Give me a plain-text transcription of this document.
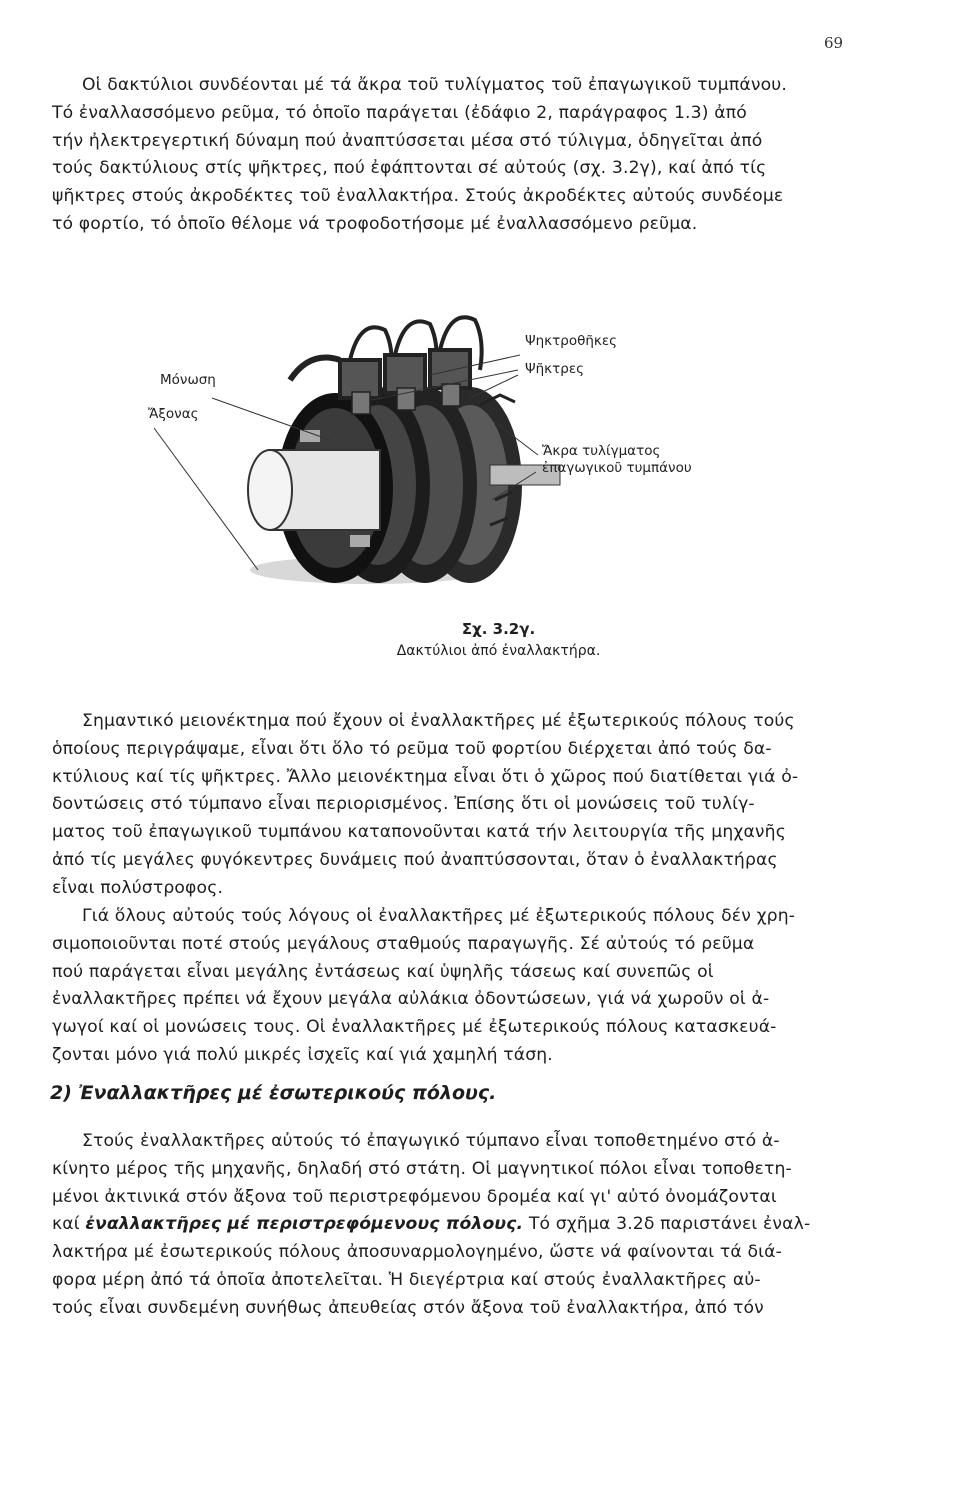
69
Οἱ δακτύλιοι συνδέονται μέ τά ἄκρα τοῦ τυλίγματος τοῦ ἐπαγωγικοῦ τυμπάνου.
Τό ἐναλλασσόμενο ρεῦμα, τό ὁποῖο παράγεται (ἐδάφιο 2, παράγραφος 1.3) ἀπό
τήν ἠλεκτρεγερτική δύναμη πού ἀναπτύσσεται μέσα στό τύλιγμα, ὁδηγεῖται ἀπό
τούς δακτύλιους στίς ψῆκτρες, πού ἐφάπτονται σέ αὐτούς (σχ. 3.2γ), καί ἀπό τίς
ψῆκτρες στούς ἀκροδέκτες τοῦ ἐναλλακτήρα. Στούς ἀκροδέκτες αὐτούς συνδέομε
τό φορτίο, τό ὁποῖο θέλομε νά τροφοδοτήσομε μέ ἐναλλασσόμενο ρεῦμα.
Μόνωση
Ἄξονας
Ψηκτροθῆκες
Ψῆκτρες
Ἄκρα τυλίγματος
ἐπαγωγικοῦ τυμπάνου
Σχ. 3.2γ.
Δακτύλιοι ἀπό ἐναλλακτήρα.
Σημαντικό μειονέκτημα πού ἔχουν οἱ ἐναλλακτῆρες μέ ἐξωτερικούς πόλους τούς
ὁποίους περιγράψαμε, εἶναι ὅτι ὅλο τό ρεῦμα τοῦ φορτίου διέρχεται ἀπό τούς δα-
κτύλιους καί τίς ψῆκτρες. Ἄλλο μειονέκτημα εἶναι ὅτι ὁ χῶρος πού διατίθεται γιά ὀ-
δοντώσεις στό τύμπανο εἶναι περιορισμένος. Ἐπίσης ὅτι οἱ μονώσεις τοῦ τυλίγ-
ματος τοῦ ἐπαγωγικοῦ τυμπάνου καταπονοῦνται κατά τήν λειτουργία τῆς μηχανῆς
ἀπό τίς μεγάλες φυγόκεντρες δυνάμεις πού ἀναπτύσσονται, ὅταν ὁ ἐναλλακτήρας
εἶναι πολύστροφος.
Γιά ὅλους αὐτούς τούς λόγους οἱ ἐναλλακτῆρες μέ ἐξωτερικούς πόλους δέν χρη-
σιμοποιοῦνται ποτέ στούς μεγάλους σταθμούς παραγωγῆς. Σέ αὐτούς τό ρεῦμα
πού παράγεται εἶναι μεγάλης ἐντάσεως καί ὑψηλῆς τάσεως καί συνεπῶς οἱ
ἐναλλακτῆρες πρέπει νά ἔχουν μεγάλα αὐλάκια ὀδοντώσεων, γιά νά χωροῦν οἱ ἀ-
γωγοί καί οἱ μονώσεις τους. Οἱ ἐναλλακτῆρες μέ ἐξωτερικούς πόλους κατασκευά-
ζονται μόνο γιά πολύ μικρές ἰσχεῖς καί γιά χαμηλή τάση.
2) Ἐναλλακτῆρες μέ ἐσωτερικούς πόλους.
Στούς ἐναλλακτῆρες αὐτούς τό ἐπαγωγικό τύμπανο εἶναι τοποθετημένο στό ἀ-
κίνητο μέρος τῆς μηχανῆς, δηλαδή στό στάτη. Οἱ μαγνητικοί πόλοι εἶναι τοποθετη-
μένοι ἀκτινικά στόν ἄξονα τοῦ περιστρεφόμενου δρομέα καί γι' αὐτό ὀνομάζονται
καί ἐναλλακτῆρες μέ περιστρεφόμενους πόλους. Τό σχῆμα 3.2δ παριστάνει ἐναλ-
λακτήρα μέ ἐσωτερικούς πόλους ἀποσυναρμολογημένο, ὥστε νά φαίνονται τά διά-
φορα μέρη ἀπό τά ὁποῖα ἀποτελεῖται. Ἡ διεγέρτρια καί στούς ἐναλλακτῆρες αὐ-
τούς εἶναι συνδεμένη συνήθως ἀπευθείας στόν ἄξονα τοῦ ἐναλλακτήρα, ἀπό τόν
